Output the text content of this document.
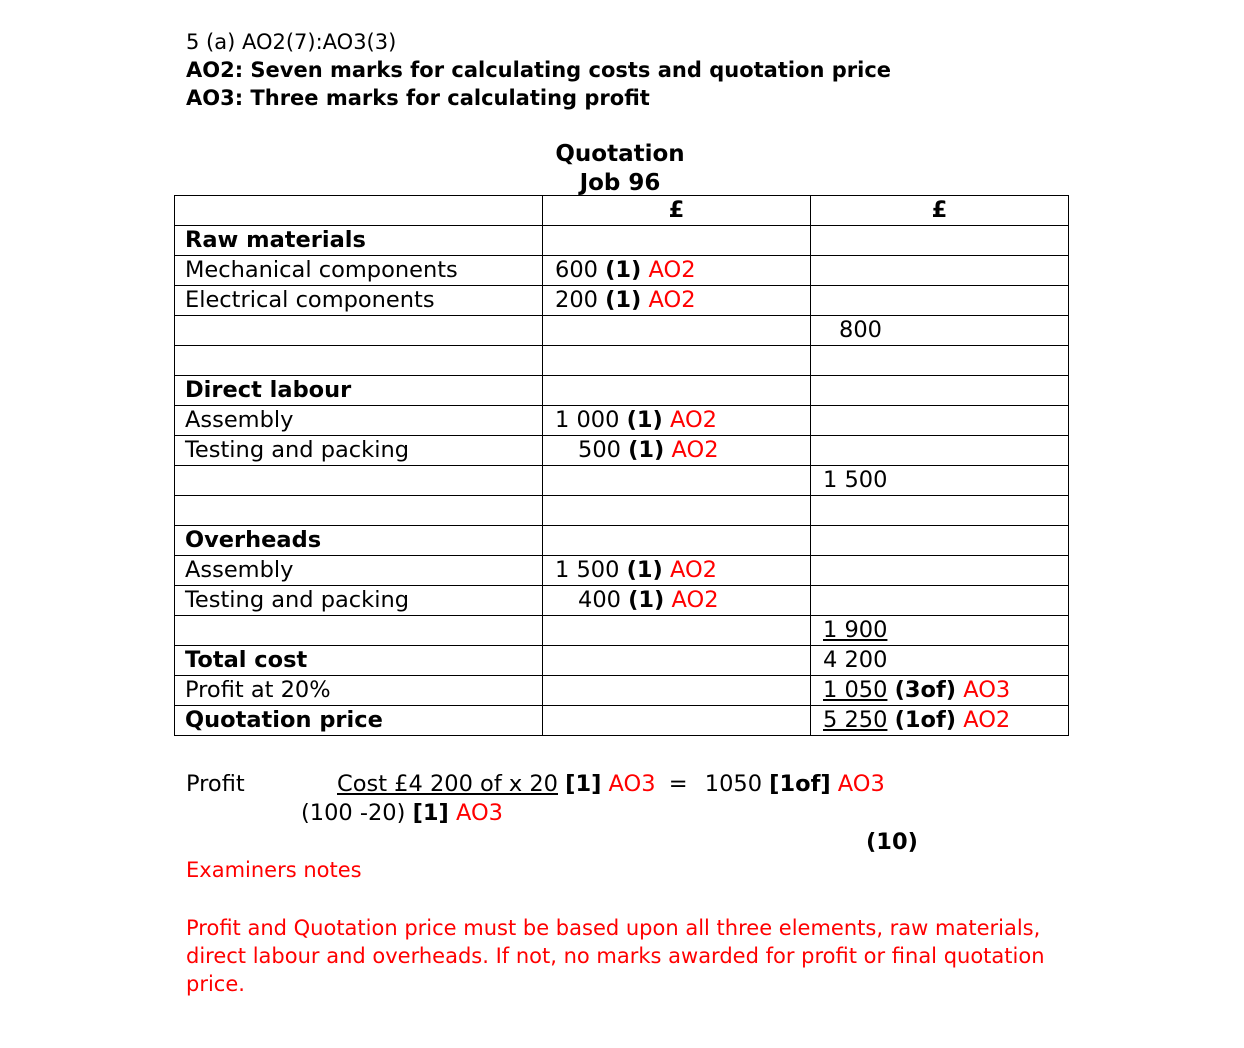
5 (a) AO2(7):AO3(3)
AO2: Seven marks for calculating costs and quotation price
AO3: Three marks for calculating profit
Quotation
Job 96
	£	£
Raw materials		
Mechanical components	600 (1) AO2	
Electrical components	200 (1) AO2	
		800

Direct labour		
Assembly	1 000 (1) AO2	
Testing and packing	500 (1) AO2	
		1 500

Overheads		
Assembly	1 500 (1) AO2	
Testing and packing	400 (1) AO2	
		1 900
Total cost		4 200
Profit at 20%		1 050 (3of) AO3
Quotation price		5 250 (1of) AO2
Profit	Cost £4 200 of x 20 [1] AO3 = 1050 [1of] AO3
(100 -20) [1] AO3
(10)
Examiners notes
Profit and Quotation price must be based upon all three elements, raw materials, direct labour and overheads. If not, no marks awarded for profit or final quotation price.
